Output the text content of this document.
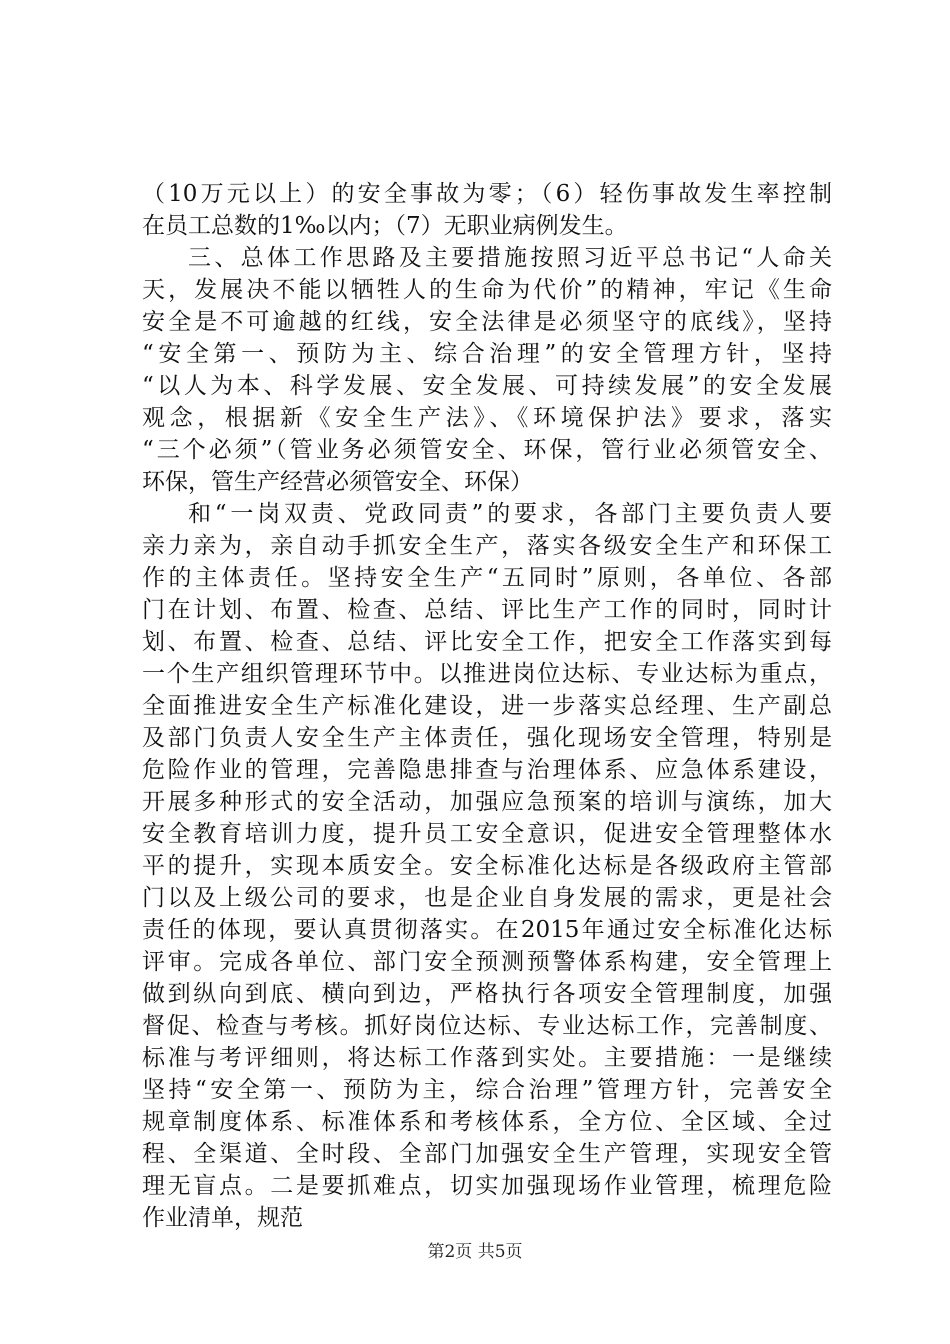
（10万元以上）的安全事故为零；（6）轻伤事故发生率控制
在员工总数的1‰以内；（7）无职业病例发生。
三、总体工作思路及主要措施按照习近平总书记“人命关
天，发展决不能以牺牲人的生命为代价”的精神，牢记《生命
安全是不可逾越的红线，安全法律是必须坚守的底线》，坚持
“安全第一、预防为主、综合治理”的安全管理方针，坚持
“以人为本、科学发展、安全发展、可持续发展”的安全发展
观念，根据新《安全生产法》、《环境保护法》要求，落实
“三个必须”（管业务必须管安全、环保，管行业必须管安全、
环保，管生产经营必须管安全、环保）
和“一岗双责、党政同责”的要求，各部门主要负责人要
亲力亲为，亲自动手抓安全生产，落实各级安全生产和环保工
作的主体责任。坚持安全生产“五同时”原则，各单位、各部
门在计划、布置、检查、总结、评比生产工作的同时，同时计
划、布置、检查、总结、评比安全工作，把安全工作落实到每
一个生产组织管理环节中。以推进岗位达标、专业达标为重点，
全面推进安全生产标准化建设，进一步落实总经理、生产副总
及部门负责人安全生产主体责任，强化现场安全管理，特别是
危险作业的管理，完善隐患排查与治理体系、应急体系建设，
开展多种形式的安全活动，加强应急预案的培训与演练，加大
安全教育培训力度，提升员工安全意识，促进安全管理整体水
平的提升，实现本质安全。安全标准化达标是各级政府主管部
门以及上级公司的要求，也是企业自身发展的需求，更是社会
责任的体现，要认真贯彻落实。在2015年通过安全标准化达标
评审。完成各单位、部门安全预测预警体系构建，安全管理上
做到纵向到底、横向到边，严格执行各项安全管理制度，加强
督促、检查与考核。抓好岗位达标、专业达标工作，完善制度、
标准与考评细则，将达标工作落到实处。主要措施：一是继续
坚持“安全第一、预防为主，综合治理”管理方针，完善安全
规章制度体系、标准体系和考核体系，全方位、全区域、全过
程、全渠道、全时段、全部门加强安全生产管理，实现安全管
理无盲点。二是要抓难点，切实加强现场作业管理，梳理危险
作业清单，规范
第2页 共5页
